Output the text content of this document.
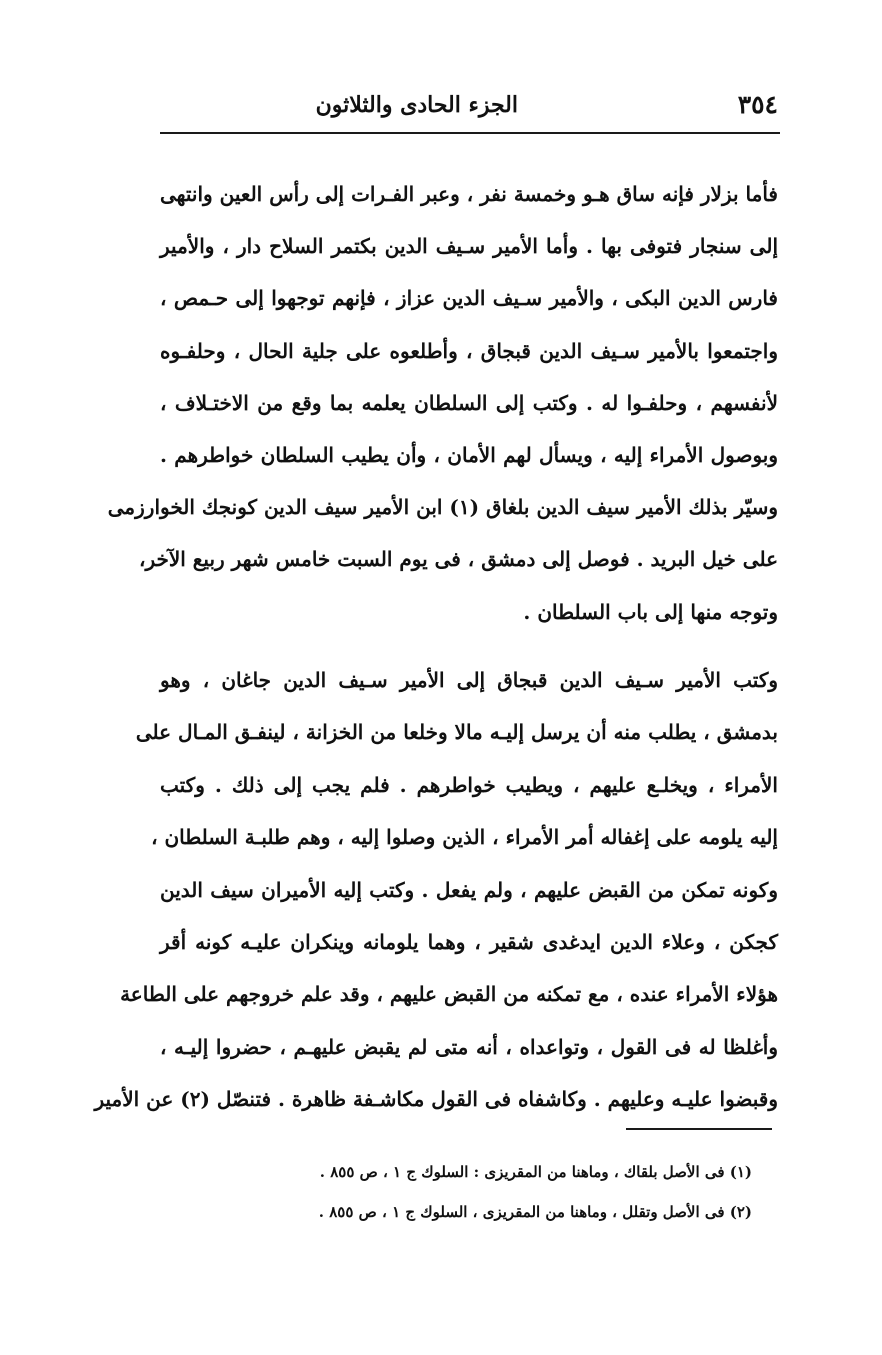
٣٥٤
الجزء الحادى والثلاثون
فأما بزلار فإنه ساق هـو وخمسة نفر ، وعبر الفـرات إلى رأس العين وانتهى
إلى سنجار فتوفى بها . وأما الأمير سـيف الدين بكتمر السلاح دار ، والأمير
فارس الدين البكى ، والأمير سـيف الدين عزاز ، فإنهم توجهوا إلى حـمص ،
واجتمعوا بالأمير سـيف الدين قبجاق ، وأطلعوه على جلية الحال ، وحلفـوه
لأنفسهم ، وحلفـوا له . وكتب إلى السلطان يعلمه بما وقع من الاختـلاف ،
وبوصول الأمراء إليه ، ويسأل لهم الأمان ، وأن يطيب السلطان خواطرهم .
وسيّر بذلك الأمير سيف الدين بلغاق (١) ابن الأمير سيف الدين كونجك الخوارزمى
على خيل البريد . فوصل إلى دمشق ، فى يوم السبت خامس شهر ربيع الآخر،
وتوجه منها إلى باب السلطان .
وكتب الأمير سـيف الدين قبجاق إلى الأمير سـيف الدين جاغان ، وهو
بدمشق ، يطلب منه أن يرسل إليـه مالا وخلعا من الخزانة ، لينفـق المـال على
الأمراء ، ويخلـع عليهم ، ويطيب خواطرهم . فلم يجب إلى ذلك . وكتب
إليه يلومه على إغفاله أمر الأمراء ، الذين وصلوا إليه ، وهم طلبـة السلطان ،
وكونه تمكن من القبض عليهم ، ولم يفعل . وكتب إليه الأميران سيف الدين
كجكن ، وعلاء الدين ايدغدى شقير ، وهما يلومانه وينكران عليـه كونه أقر
هؤلاء الأمراء عنده ، مع تمكنه من القبض عليهم ، وقد علم خروجهم على الطاعة
وأغلظا له فى القول ، وتواعداه ، أنه متى لم يقبض عليهـم ، حضروا إليـه ،
وقبضوا عليـه وعليهم . وكاشفاه فى القول مكاشـفة ظاهرة . فتنصّل (٢) عن الأمير
(١) فى الأصل بلقاك ، وماهنا من المقريزى : السلوك ج ١ ، ص ٨٥٥ .
(٢) فى الأصل وتقلل ، وماهنا من المقريزى ، السلوك ج ١ ، ص ٨٥٥ .
